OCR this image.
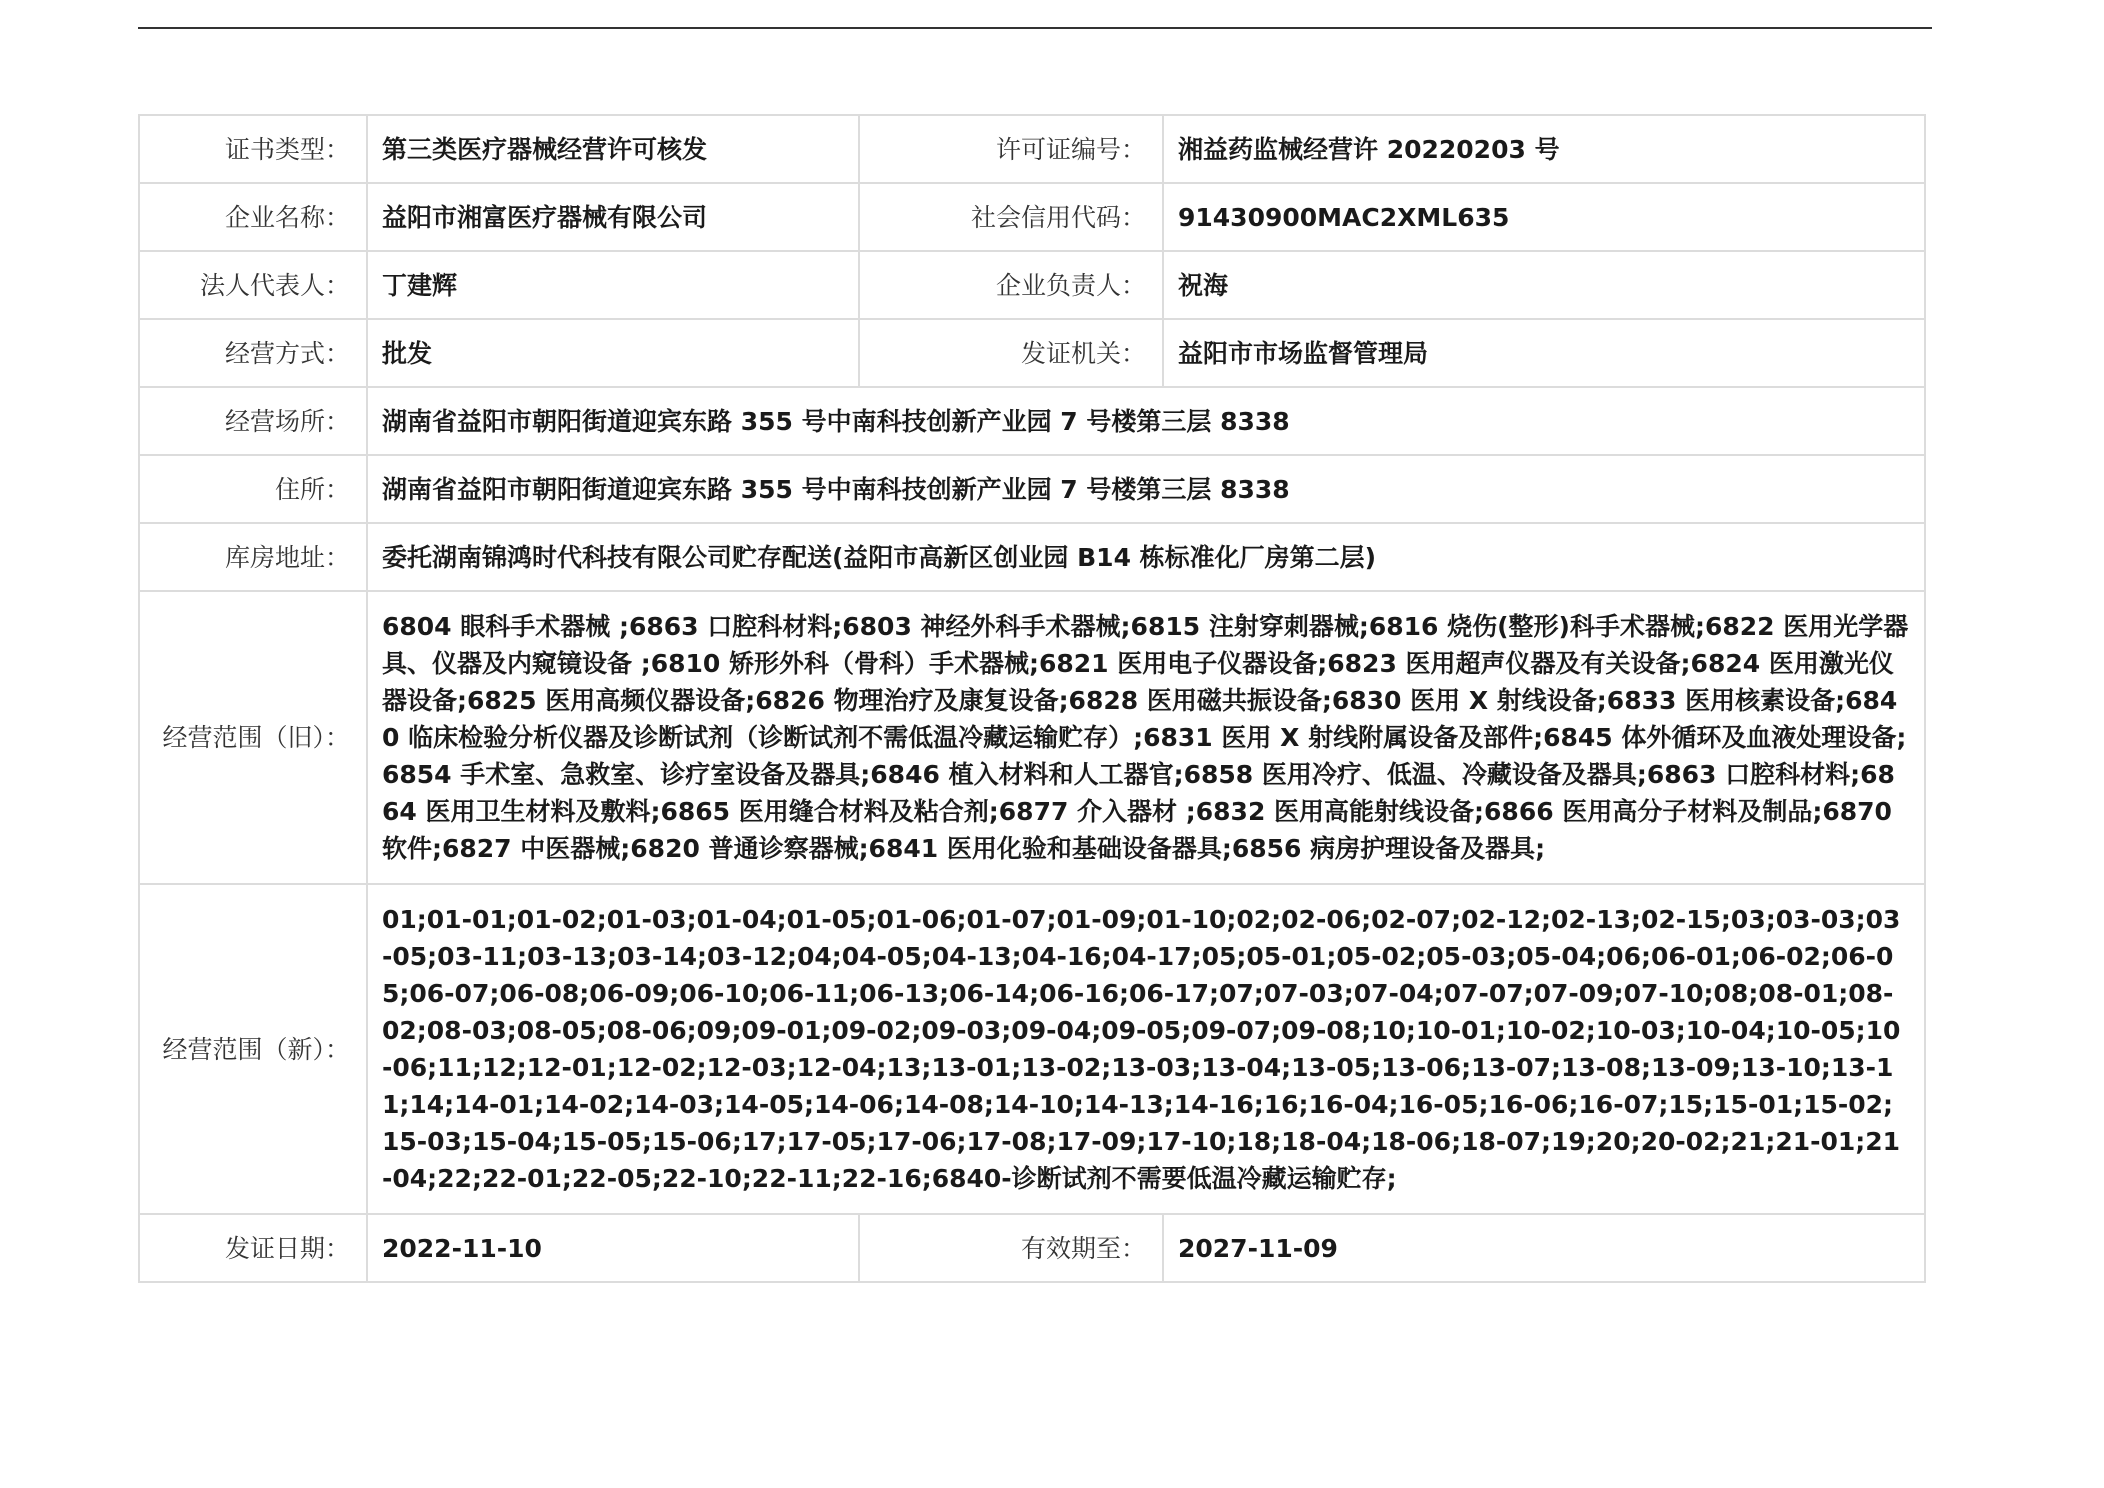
证书类型：	第三类医疗器械经营许可核发	许可证编号：	湘益药监械经营许 20220203 号
企业名称：	益阳市湘富医疗器械有限公司	社会信用代码：	91430900MAC2XML635
法人代表人：	丁建辉	企业负责人：	祝海
经营方式：	批发	发证机关：	益阳市市场监督管理局
经营场所：	湖南省益阳市朝阳街道迎宾东路 355 号中南科技创新产业园 7 号楼第三层 8338		
住所：	湖南省益阳市朝阳街道迎宾东路 355 号中南科技创新产业园 7 号楼第三层 8338		
库房地址：	委托湖南锦鸿时代科技有限公司贮存配送(益阳市高新区创业园 B14 栋标准化厂房第二层)		
经营范围（旧）：	6804 眼科手术器械 ;6863 口腔科材料;6803 神经外科手术器械;6815 注射穿刺器械;6816 烧伤(整形)科手术器械;6822 医用光学器具、仪器及内窥镜设备 ;6810 矫形外科（骨科）手术器械;6821 医用电子仪器设备;6823 医用超声仪器及有关设备;6824 医用激光仪器设备;6825 医用高频仪器设备;6826 物理治疗及康复设备;6828 医用磁共振设备;6830 医用 X 射线设备;6833 医用核素设备;6840 临床检验分析仪器及诊断试剂（诊断试剂不需低温冷藏运输贮存）;6831 医用 X 射线附属设备及部件;6845 体外循环及血液处理设备;6854 手术室、急救室、诊疗室设备及器具;6846 植入材料和人工器官;6858 医用冷疗、低温、冷藏设备及器具;6863 口腔科材料;6864 医用卫生材料及敷料;6865 医用缝合材料及粘合剂;6877 介入器材 ;6832 医用高能射线设备;6866 医用高分子材料及制品;6870 软件;6827 中医器械;6820 普通诊察器械;6841 医用化验和基础设备器具;6856 病房护理设备及器具;		
经营范围（新）：	01;01-01;01-02;01-03;01-04;01-05;01-06;01-07;01-09;01-10;02;02-06;02-07;02-12;02-13;02-15;03;03-03;03-05;03-11;03-13;03-14;03-12;04;04-05;04-13;04-16;04-17;05;05-01;05-02;05-03;05-04;06;06-01;06-02;06-05;06-07;06-08;06-09;06-10;06-11;06-13;06-14;06-16;06-17;07;07-03;07-04;07-07;07-09;07-10;08;08-01;08-02;08-03;08-05;08-06;09;09-01;09-02;09-03;09-04;09-05;09-07;09-08;10;10-01;10-02;10-03;10-04;10-05;10-06;11;12;12-01;12-02;12-03;12-04;13;13-01;13-02;13-03;13-04;13-05;13-06;13-07;13-08;13-09;13-10;13-11;14;14-01;14-02;14-03;14-05;14-06;14-08;14-10;14-13;14-16;16;16-04;16-05;16-06;16-07;15;15-01;15-02;15-03;15-04;15-05;15-06;17;17-05;17-06;17-08;17-09;17-10;18;18-04;18-06;18-07;19;20;20-02;21;21-01;21-04;22;22-01;22-05;22-10;22-11;22-16;6840-诊断试剂不需要低温冷藏运输贮存;		
发证日期：	2022-11-10	有效期至：	2027-11-09
